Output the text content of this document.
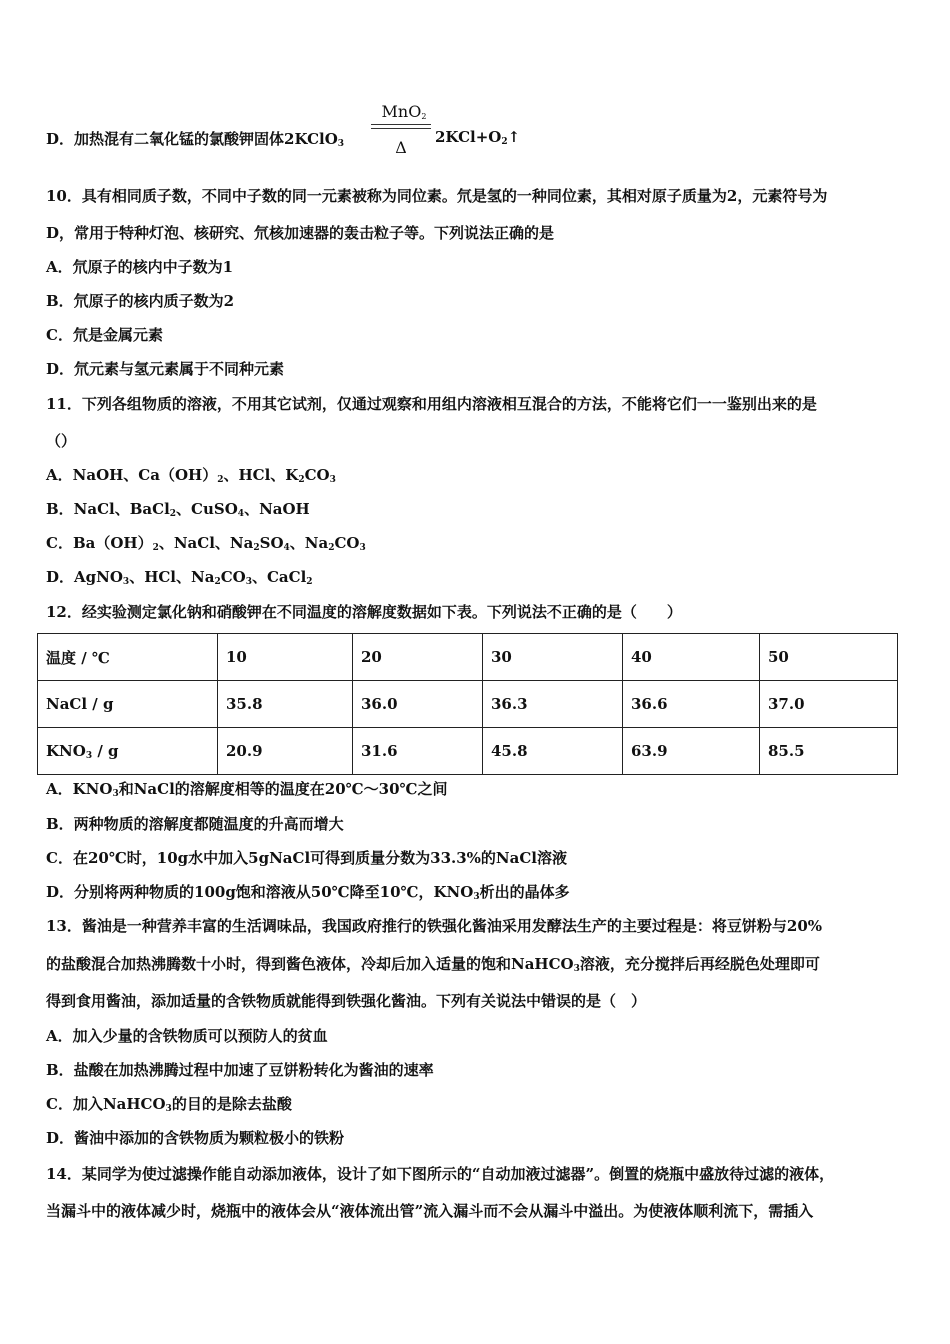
D．加热混有二氧化锰的氯酸钾固体2KClO$_3$
MnO$_2$
Δ
$2KCl+O_2↑$
10．具有相同质子数，不同中子数的同一元素被称为同位素。氘是氢的一种同位素，其相对原子质量为2，元素符号为
D，常用于特种灯泡、核研究、氘核加速器的轰击粒子等。下列说法正确的是
A．氘原子的核内中子数为1
B．氘原子的核内质子数为2
C．氘是金属元素
D．氘元素与氢元素属于不同种元素
11．下列各组物质的溶液，不用其它试剂，仅通过观察和用组内溶液相互混合的方法，不能将它们一一鉴别出来的是
（）
A．NaOH、$Ca(OH)_2$、HCl、$K_2CO_3$
B．NaCl、BaCl$_2$、CuSO$_4$、NaOH
C．$Ba(OH)_2$、NaCl、$Na_2SO_4$、$Na_2CO_3$
D．AgNO$_3$、HCl、$Na_2CO_3$、CaCl$_2$
12．经实验测定氯化钠和硝酸钾在不同温度的溶解度数据如下表。下列说法不正确的是（　　）
温度 / ℃	10	20	30	40	50
NaCl / g	35.8	36.0	36.3	36.6	37.0
$KNO_3$ / g	20.9	31.6	45.8	63.9	85.5
A．$KNO_3$和NaCl的溶解度相等的温度在20℃～30℃之间
B．两种物质的溶解度都随温度的升高而增大
C．在20℃时，10g水中加入5gNaCl可得到质量分数为33.3%的NaCl溶液
D．分别将两种物质的100g饱和溶液从50℃降至10℃，$KNO_3$析出的晶体多
13．酱油是一种营养丰富的生活调味品，我国政府推行的铁强化酱油采用发酵法生产的主要过程是：将豆饼粉与20%
的盐酸混合加热沸腾数十小时，得到酱色液体，冷却后加入适量的饱和NaHCO$_3$溶液，充分搅拌后再经脱色处理即可
得到食用酱油，添加适量的含铁物质就能得到铁强化酱油。下列有关说法中错误的是（　）
A．加入少量的含铁物质可以预防人的贫血
B．盐酸在加热沸腾过程中加速了豆饼粉转化为酱油的速率
C．加入NaHCO$_3$的目的是除去盐酸
D．酱油中添加的含铁物质为颗粒极小的铁粉
14．某同学为使过滤操作能自动添加液体，设计了如下图所示的“自动加液过滤器”。倒置的烧瓶中盛放待过滤的液体，
当漏斗中的液体减少时，烧瓶中的液体会从“液体流出管”流入漏斗而不会从漏斗中溢出。为使液体顺利流下，需插入
